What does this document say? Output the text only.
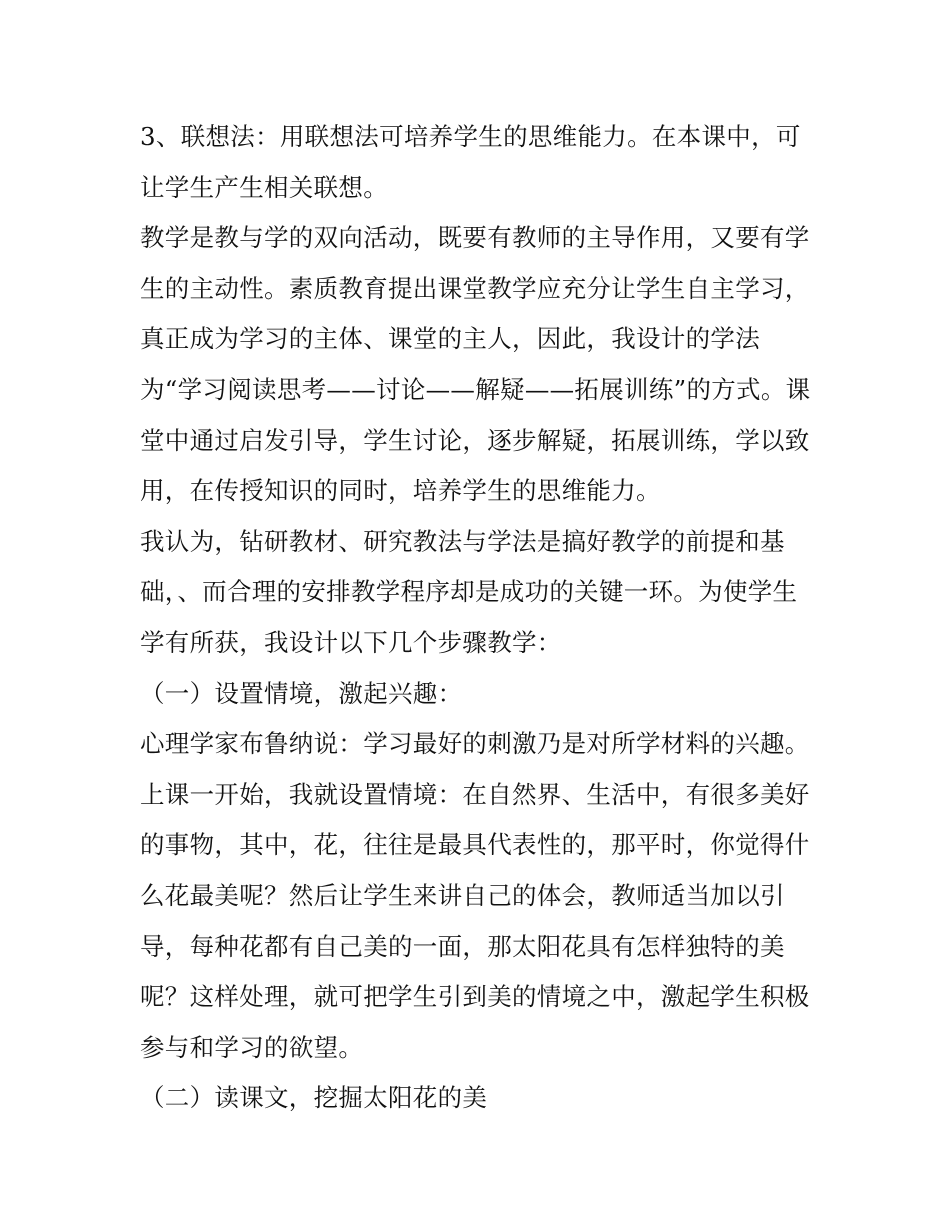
3、联想法：用联想法可培养学生的思维能力。在本课中，可
让学生产生相关联想。
教学是教与学的双向活动，既要有教师的主导作用，又要有学
生的主动性。素质教育提出课堂教学应充分让学生自主学习，
真正成为学习的主体、课堂的主人，因此，我设计的学法
为“学习阅读思考——讨论——解疑——拓展训练”的方式。课
堂中通过启发引导，学生讨论，逐步解疑，拓展训练，学以致
用，在传授知识的同时，培养学生的思维能力。
我认为，钻研教材、研究教法与学法是搞好教学的前提和基
础，、而合理的安排教学程序却是成功的关键一环。为使学生
学有所获，我设计以下几个步骤教学：
（一）设置情境，激起兴趣：
心理学家布鲁纳说：学习最好的刺激乃是对所学材料的兴趣。
上课一开始，我就设置情境：在自然界、生活中，有很多美好
的事物，其中，花，往往是最具代表性的，那平时，你觉得什
么花最美呢？然后让学生来讲自己的体会，教师适当加以引
导，每种花都有自己美的一面，那太阳花具有怎样独特的美
呢？这样处理，就可把学生引到美的情境之中，激起学生积极
参与和学习的欲望。
（二）读课文，挖掘太阳花的美
